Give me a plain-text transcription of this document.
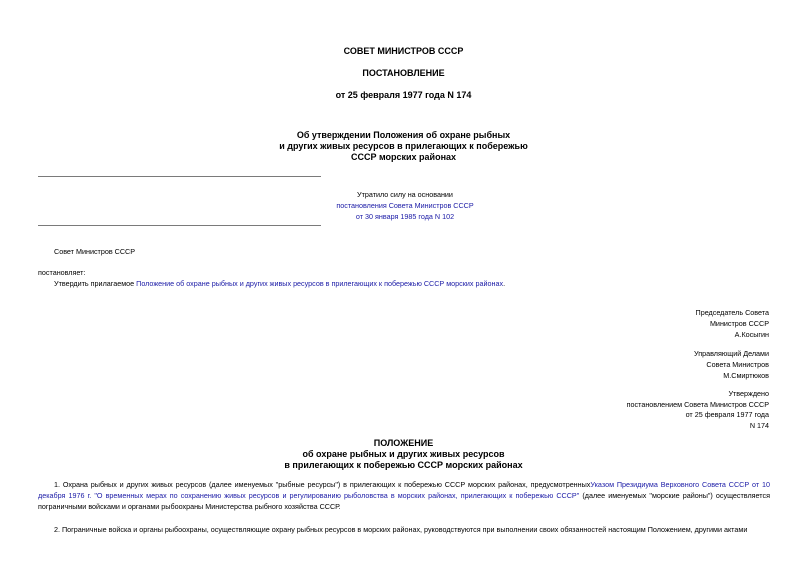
СОВЕТ МИНИСТРОВ СССР
ПОСТАНОВЛЕНИЕ
от 25 февраля 1977 года N 174
Об утверждении Положения об охране рыбных
и других живых ресурсов в прилегающих к побережью
СССР морских районах
Утратило силу на основании
постановления Совета Министров СССР
от 30 января 1985 года N 102
Совет Министров СССР
постановляет:
Утвердить прилагаемое Положение об охране рыбных и других живых ресурсов в прилегающих к побережью СССР морских районах.
Председатель Совета
Министров СССР
А.Косыгин
Управляющий Делами
Совета Министров
М.Смиртюков
Утверждено
постановлением Совета Министров СССР
от 25 февраля 1977 года
N 174
ПОЛОЖЕНИЕ
об охране рыбных и других живых ресурсов
в прилегающих к побережью СССР морских районах
1. Охрана рыбных и других живых ресурсов (далее именуемых "рыбные ресурсы") в прилегающих к побережью СССР морских районах, предусмотренныхУказом Президиума Верховного Совета СССР от 10 декабря 1976 г. "О временных мерах по сохранению живых ресурсов и регулированию рыболовства в морских районах, прилегающих к побережью СССР" (далее именуемых "морские районы") осуществляется пограничными войсками и органами рыбоохраны Министерства рыбного хозяйства СССР.
2. Пограничные войска и органы рыбоохраны, осуществляющие охрану рыбных ресурсов в морских районах, руководствуются при выполнении своих обязанностей настоящим Положением, другими актами
